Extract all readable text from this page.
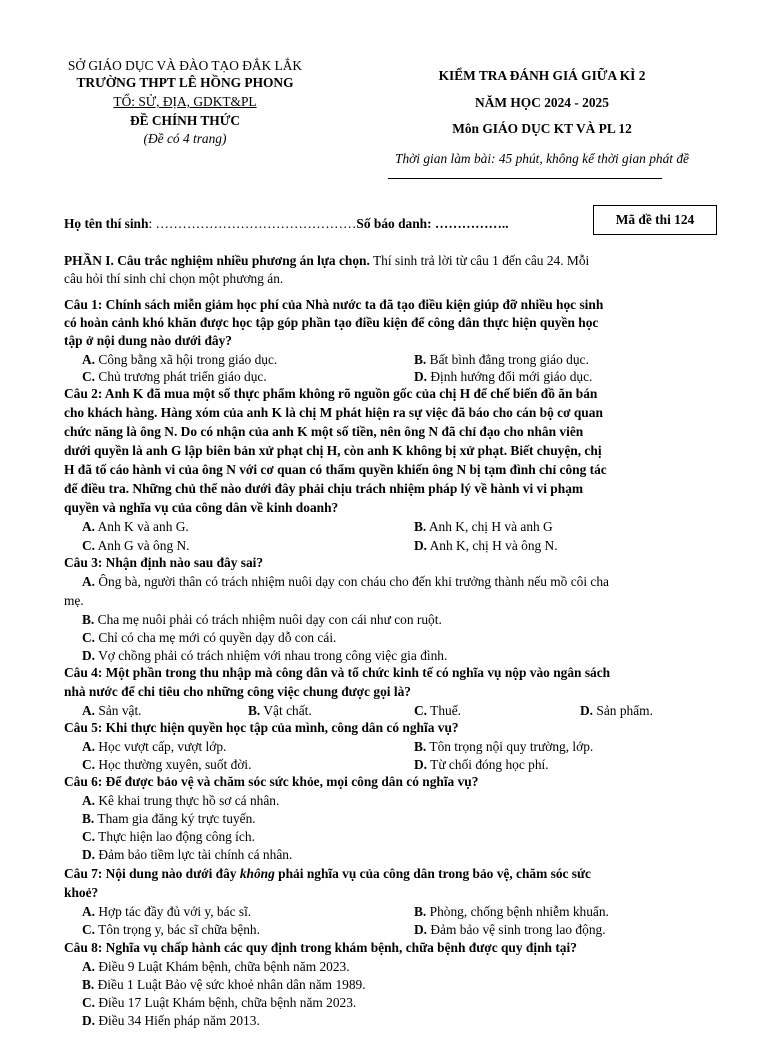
SỞ GIÁO DỤC VÀ ĐÀO TẠO ĐẮK LẮK
TRƯỜNG THPT LÊ HỒNG PHONG
TỔ: SỬ, ĐỊA, GDKT&PL
ĐỀ CHÍNH THỨC
(Đề có 4 trang)
KIỂM TRA ĐÁNH GIÁ GIỮA KÌ 2
NĂM HỌC 2024 - 2025
Môn GIÁO DỤC KT VÀ PL 12
Thời gian làm bài: 45 phút, không kể thời gian phát đề
Họ tên thí sinh: ………………………………………Số báo danh: ……………..	Mã đề thi 124
PHẦN I. Câu trắc nghiệm nhiều phương án lựa chọn. Thí sinh trả lời từ câu 1 đến câu 24. Mỗi
câu hỏi thí sinh chỉ chọn một phương án.
Câu 1: Chính sách miễn giảm học phí của Nhà nước ta đã tạo điều kiện giúp đỡ nhiều học sinh
có hoàn cảnh khó khăn được học tập góp phần tạo điều kiện để công dân thực hiện quyền học
tập ở nội dung nào dưới đây?
A. Công bằng xã hội trong giáo dục.	B. Bất bình đẳng trong giáo dục.
C. Chủ trương phát triển giáo dục.	D. Định hướng đổi mới giáo dục.
Câu 2: Anh K đã mua một số thực phẩm không rõ nguồn gốc của chị H để chế biến đồ ăn bán
cho khách hàng. Hàng xóm của anh K là chị M phát hiện ra sự việc đã báo cho cán bộ cơ quan
chức năng là ông N. Do có nhận của anh K một số tiền, nên ông N đã chỉ đạo cho nhân viên
dưới quyền là anh G lập biên bản xử phạt chị H, còn anh K không bị xử phạt. Biết chuyện, chị
H đã tố cáo hành vi của ông N với cơ quan có thẩm quyền khiến ông N bị tạm đình chỉ công tác
để điều tra. Những chủ thể nào dưới đây phải chịu trách nhiệm pháp lý về hành vi vi phạm
quyền và nghĩa vụ của công dân về kinh doanh?
A. Anh K và anh G.	B. Anh K, chị H và anh G
C. Anh G và ông N.	D. Anh K, chị H và ông N.
Câu 3: Nhận định nào sau đây sai?
A. Ông bà, người thân có trách nhiệm nuôi dạy con cháu cho đến khi trưởng thành nếu mồ côi cha
mẹ.
B. Cha mẹ nuôi phải có trách nhiệm nuôi dạy con cái như con ruột.
C. Chỉ có cha mẹ mới có quyền dạy dỗ con cái.
D. Vợ chồng phải có trách nhiệm với nhau trong công việc gia đình.
Câu 4: Một phần trong thu nhập mà công dân và tổ chức kinh tế có nghĩa vụ nộp vào ngân sách
nhà nước để chi tiêu cho những công việc chung được gọi là?
A. Sản vật.	B. Vật chất.	C. Thuế.	D. Sản phẩm.
Câu 5: Khi thực hiện quyền học tập của mình, công dân có nghĩa vụ?
A. Học vượt cấp, vượt lớp.	B. Tôn trọng nội quy trường, lớp.
C. Học thường xuyên, suốt đời.	D. Từ chối đóng học phí.
Câu 6: Để được bảo vệ và chăm sóc sức khỏe, mọi công dân có nghĩa vụ?
A. Kê khai trung thực hồ sơ cá nhân.
B. Tham gia đăng ký trực tuyến.
C. Thực hiện lao động công ích.
D. Đảm bảo tiềm lực tài chính cá nhân.
Câu 7: Nội dung nào dưới đây không phải nghĩa vụ của công dân trong bảo vệ, chăm sóc sức
khoẻ?
A. Hợp tác đầy đủ với y, bác sĩ.	B. Phòng, chống bệnh nhiễm khuẩn.
C. Tôn trọng y, bác sĩ chữa bệnh.	D. Đảm bảo vệ sinh trong lao động.
Câu 8: Nghĩa vụ chấp hành các quy định trong khám bệnh, chữa bệnh được quy định tại?
A. Điều 9 Luật Khám bệnh, chữa bệnh năm 2023.
B. Điều 1 Luật Bảo vệ sức khoẻ nhân dân năm 1989.
C. Điều 17 Luật Khám bệnh, chữa bệnh năm 2023.
D. Điều 34 Hiến pháp năm 2013.
